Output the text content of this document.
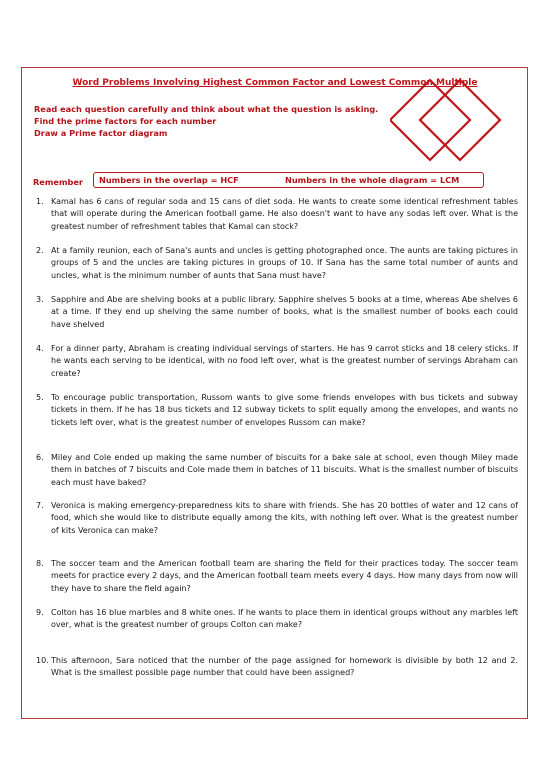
Word Problems Involving Highest Common Factor and Lowest Common Multiple
Read each question carefully and think about what the question is asking.
Find the prime factors for each number
Draw a Prime factor diagram
Remember Numbers in the overlap = HCF	Numbers in the whole diagram = LCM
1. Kamal has 6 cans of regular soda and 15 cans of diet soda. He wants to create some identical refreshment tables that will operate during the American football game. He also doesn't want to have any sodas left over. What is the greatest number of refreshment tables that Kamal can stock?
2. At a family reunion, each of Sana's aunts and uncles is getting photographed once. The aunts are taking pictures in groups of 5 and the uncles are taking pictures in groups of 10. If Sana has the same total number of aunts and uncles, what is the minimum number of aunts that Sana must have?
3. Sapphire and Abe are shelving books at a public library. Sapphire shelves 5 books at a time, whereas Abe shelves 6 at a time. If they end up shelving the same number of books, what is the smallest number of books each could have shelved
4. For a dinner party, Abraham is creating individual servings of starters. He has 9 carrot sticks and 18 celery sticks. If he wants each serving to be identical, with no food left over, what is the greatest number of servings Abraham can create?
5. To encourage public transportation, Russom wants to give some friends envelopes with bus tickets and subway tickets in them. If he has 18 bus tickets and 12 subway tickets to split equally among the envelopes, and wants no tickets left over, what is the greatest number of envelopes Russom can make?
6. Miley and Cole ended up making the same number of biscuits for a bake sale at school, even though Miley made them in batches of 7 biscuits and Cole made them in batches of 11 biscuits. What is the smallest number of biscuits each must have baked?
7. Veronica is making emergency-preparedness kits to share with friends. She has 20 bottles of water and 12 cans of food, which she would like to distribute equally among the kits, with nothing left over. What is the greatest number of kits Veronica can make?
8. The soccer team and the American football team are sharing the field for their practices today. The soccer team meets for practice every 2 days, and the American football team meets every 4 days. How many days from now will they have to share the field again?
9. Colton has 16 blue marbles and 8 white ones. If he wants to place them in identical groups without any marbles left over, what is the greatest number of groups Colton can make?
10. This afternoon, Sara noticed that the number of the page assigned for homework is divisible by both 12 and 2. What is the smallest possible page number that could have been assigned?
